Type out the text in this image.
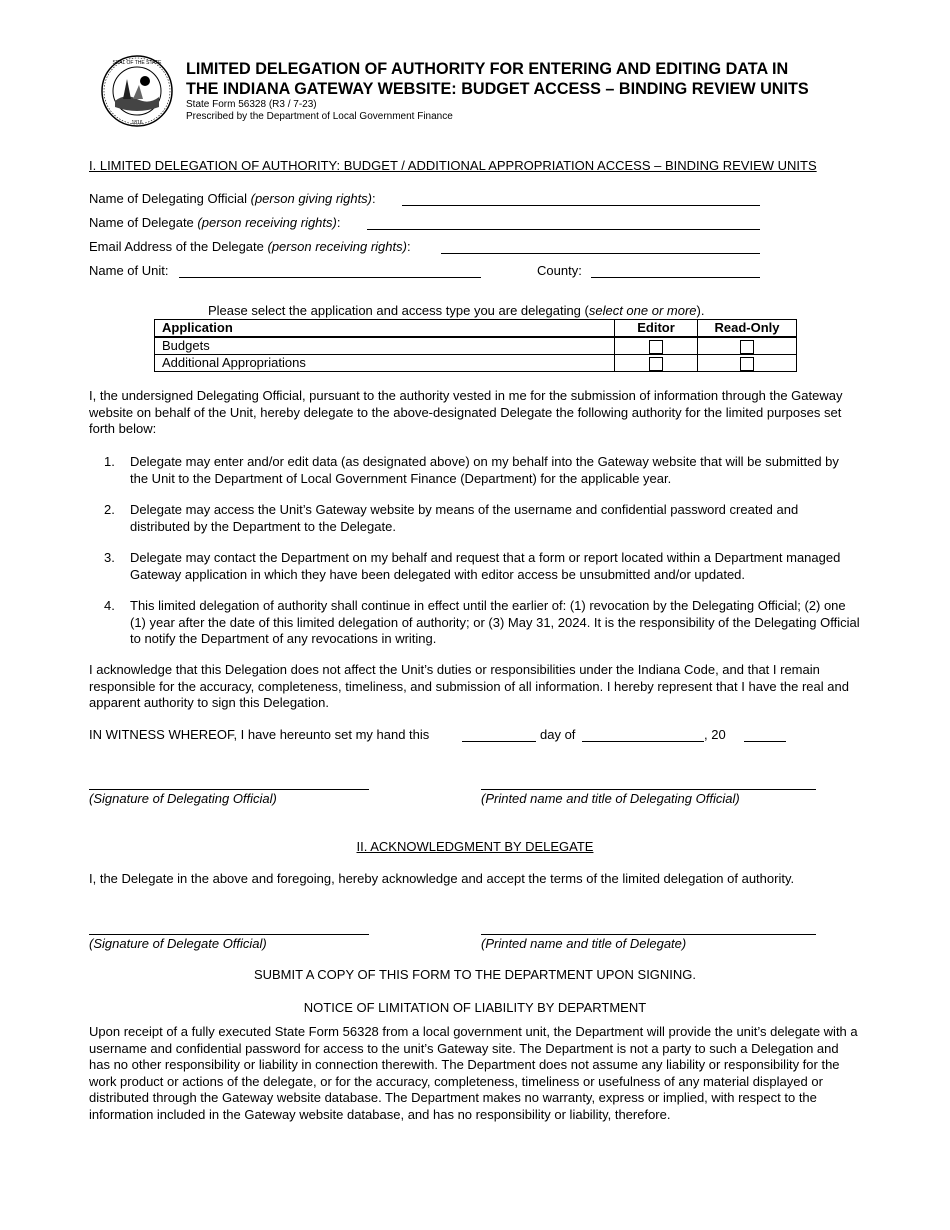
SEAL OF THE STATE
1816
LIMITED DELEGATION OF AUTHORITY FOR ENTERING AND EDITING DATA IN
THE INDIANA GATEWAY WEBSITE: BUDGET ACCESS – BINDING REVIEW UNITS
State Form 56328 (R3 / 7-23)
Prescribed by the Department of Local Government Finance
I. LIMITED DELEGATION OF AUTHORITY: BUDGET / ADDITIONAL APPROPRIATION ACCESS – BINDING REVIEW UNITS
Name of Delegating Official (person giving rights):
Name of Delegate (person receiving rights):
Email Address of the Delegate (person receiving rights):
Name of Unit:	County:
Please select the application and access type you are delegating (select one or more).
Application	Editor	Read-Only
Budgets		
Additional Appropriations		
I, the undersigned Delegating Official, pursuant to the authority vested in me for the submission of information through the Gateway website on behalf of the Unit, hereby delegate to the above-designated Delegate the following authority for the limited purposes set forth below:
1.	Delegate may enter and/or edit data (as designated above) on my behalf into the Gateway website that will be submitted by the Unit to the Department of Local Government Finance (Department) for the applicable year.
2.	Delegate may access the Unit’s Gateway website by means of the username and confidential password created and distributed by the Department to the Delegate.
3.	Delegate may contact the Department on my behalf and request that a form or report located within a Department managed Gateway application in which they have been delegated with editor access be unsubmitted and/or updated.
4.	This limited delegation of authority shall continue in effect until the earlier of: (1) revocation by the Delegating Official; (2) one (1) year after the date of this limited delegation of authority; or (3) May 31, 2024. It is the responsibility of the Delegating Official to notify the Department of any revocations in writing.
I acknowledge that this Delegation does not affect the Unit’s duties or responsibilities under the Indiana Code, and that I remain responsible for the accuracy, completeness, timeliness, and submission of all information. I hereby represent that I have the real and apparent authority to sign this Delegation.
IN WITNESS WHEREOF, I have hereunto set my hand this	day of	, 20
(Signature of Delegating Official)	(Printed name and title of Delegating Official)
II. ACKNOWLEDGMENT BY DELEGATE
I, the Delegate in the above and foregoing, hereby acknowledge and accept the terms of the limited delegation of authority.
(Signature of Delegate Official)	(Printed name and title of Delegate)
SUBMIT A COPY OF THIS FORM TO THE DEPARTMENT UPON SIGNING.
NOTICE OF LIMITATION OF LIABILITY BY DEPARTMENT
Upon receipt of a fully executed State Form 56328 from a local government unit, the Department will provide the unit’s delegate with a username and confidential password for access to the unit’s Gateway site. The Department is not a party to such a Delegation and has no other responsibility or liability in connection therewith. The Department does not assume any liability or responsibility for the work product or actions of the delegate, or for the accuracy, completeness, timeliness or usefulness of any material displayed or distributed through the Gateway website database. The Department makes no warranty, express or implied, with respect to the information included in the Gateway website database, and has no responsibility or liability, therefore.
